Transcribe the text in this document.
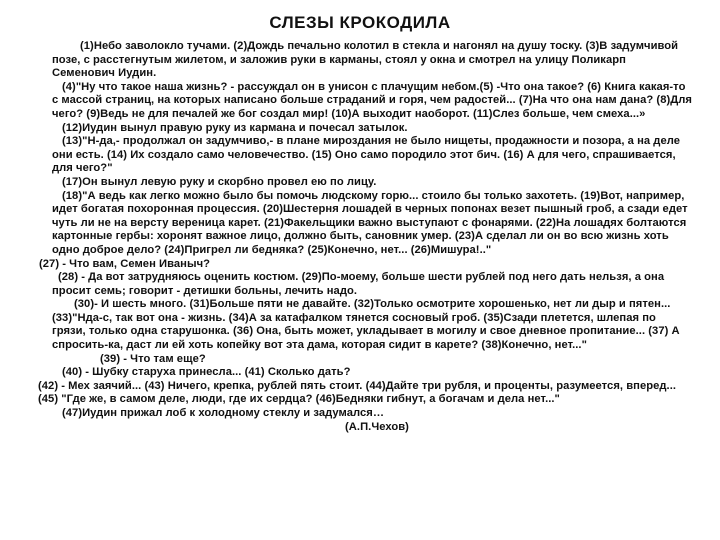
СЛЕЗЫ КРОКОДИЛА

(1)Небо заволокло тучами. (2)Дождь печально колотил в стекла и нагонял на душу тоску. (3)В задумчивой позе, с расстегнутым жилетом, и заложив руки в карманы, стоял у окна и смотрел на улицу Поликарп Семенович Иудин.

(4)"Ну что такое наша жизнь? - рассуждал он в унисон с плачущим небом.(5) -Что она такое? (6) Книга какая-то с массой страниц, на которых написано больше страданий и горя, чем радостей... (7)На что она нам дана? (8)Для чего? (9)Ведь не для печалей же бог создал мир! (10)А выходит наоборот. (11)Слез больше, чем смеха...»

(12)Иудин вынул правую руку из кармана и почесал затылок.

(13)"Н-да,- продолжал он задумчиво,- в плане мироздания не было нищеты, продажности и позора, а на деле они есть. (14) Их создало само человечество. (15) Оно само породило этот бич. (16) А для чего, спрашивается, для чего?"

(17)Он вынул левую руку и скорбно провел ею по лицу.

(18)"А ведь как легко можно было бы помочь людскому горю... стоило бы только захотеть. (19)Вот, например, идет богатая похоронная процессия. (20)Шестерня лошадей в черных попонах везет пышный гроб, а сзади едет чуть ли не на версту вереница карет. (21)Факельщики важно выступают с фонарями. (22)На лошадях болтаются картонные гербы: хоронят важное лицо, должно быть, сановник умер. (23)А сделал ли он во всю жизнь хоть одно доброе дело? (24)Пригрел ли бедняка? (25)Конечно, нет... (26)Мишура!.."

(27) - Что вам, Семен Иваныч?

(28) - Да вот затрудняюсь оценить костюм. (29)По-моему, больше шести рублей под него дать нельзя, а она просит семь; говорит - детишки больны, лечить надо.

(30)- И шесть много. (31)Больше пяти не давайте. (32)Только осмотрите хорошенько, нет ли дыр и пятен... (33)"Нда-с, так вот она - жизнь. (34)А за катафалком тянется сосновый гроб. (35)Сзади плетется, шлепая по грязи, только одна старушонка. (36) Она, быть может, укладывает в могилу и свое дневное пропитание... (37) А спросить-ка, даст ли ей хоть копейку вот эта дама, которая сидит в карете? (38)Конечно, нет..."

(39) - Что там еще?

(40) - Шубку старуха принесла... (41) Сколько дать?

(42) - Мех заячий... (43) Ничего, крепка, рублей пять стоит. (44)Дайте три рубля, и проценты, разумеется, вперед... (45) "Где же, в самом деле, люди, где их сердца? (46)Бедняки гибнут, а богачам и дела нет..."

(47)Иудин прижал лоб к холодному стеклу и задумался…

(А.П.Чехов)
